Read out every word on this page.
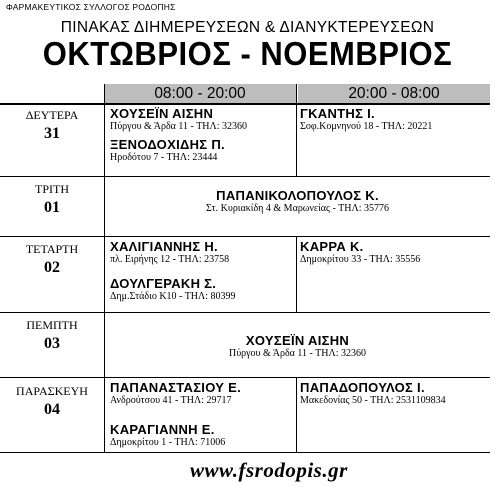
ΦΑΡΜΑΚΕΥΤΙΚΟΣ ΣΥΛΛΟΓΟΣ ΡΟΔΟΠΗΣ
ΠΙΝΑΚΑΣ ΔΙΗΜΕΡΕΥΣΕΩΝ & ΔΙΑΝΥΚΤΕΡΕΥΣΕΩΝ
ΟΚΤΩΒΡΙΟΣ - ΝΟΕΜΒΡΙΟΣ
08:00 - 20:00	20:00 - 08:00
ΔΕΥΤΕΡΑ
31
ΧΟΥΣΕΪΝ ΑΙΣΗΝ
Πύργου & Άρδα 11 - ΤΗΛ: 32360
ΞΕΝΟΔΟΧΙΔΗΣ Π.
Ηροδότου 7 - ΤΗΛ: 23444
ΓΚΑΝΤΗΣ Ι.
Σοφ.Κομνηνού 18 - ΤΗΛ: 20221
ΤΡΙΤΗ
01
ΠΑΠΑΝΙΚΟΛΟΠΟΥΛΟΣ Κ.
Στ. Κυριακίδη 4 & Μαρωνείας - ΤΗΛ: 35776
ΤΕΤΑΡΤΗ
02
ΧΑΛΙΓΙΑΝΝΗΣ Η.
πλ. Ειρήνης 12 - ΤΗΛ: 23758
ΔΟΥΛΓΕΡΑΚΗ Σ.
Δημ.Στάδιο Κ10 - ΤΗΛ: 80399
ΚΑΡΡΑ Κ.
Δημοκρίτου 33 - ΤΗΛ: 35556
ΠΕΜΠΤΗ
03	ΧΟΥΣΕΪΝ ΑΙΣΗΝ
Πύργου & Άρδα 11 - ΤΗΛ: 32360
ΠΑΡΑΣΚΕΥΗ
04
ΠΑΠΑΝΑΣΤΑΣΙΟΥ Ε.
Ανδρούτσου 41 - ΤΗΛ: 29717
ΚΑΡΑΓΙΑΝΝΗ Ε.
Δημοκρίτου 1 - ΤΗΛ: 71006
ΠΑΠΑΔΟΠΟΥΛΟΣ Ι.
Μακεδονίας 50 - ΤΗΛ: 2531109834
www.fsrodopis.gr
